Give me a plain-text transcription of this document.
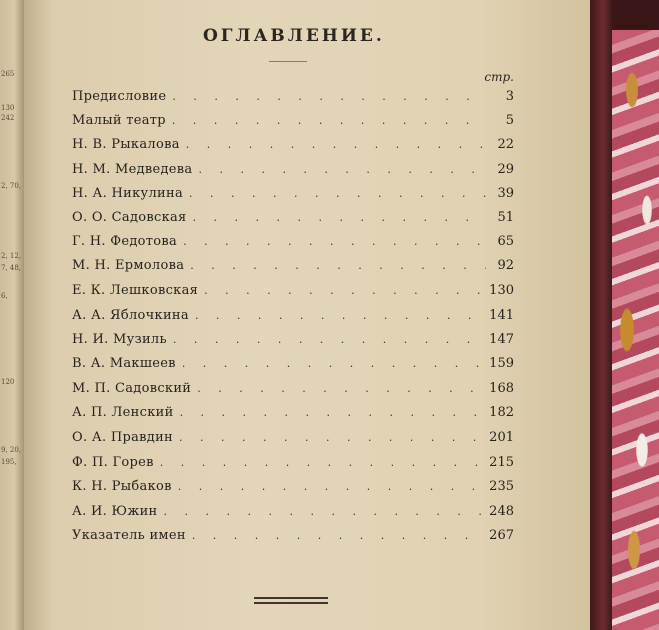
265
130
242
2, 70,
2, 12,
7, 48,
6,
120
9, 20,
195,
ОГЛАВЛЕНИЕ.
стр.
Предисловие . . .	3
Малый театр . . .	5
Н. В. Рыкалова . . .	22
Н. М. Медведева . . .	29
Н. А. Никулина . . .	39
О. О. Садовская . . .	51
Г. Н. Федотова . . .	65
М. Н. Ермолова . . .	92
Е. К. Лешковская . . .	130
А. А. Яблочкина . . .	141
Н. И. Музиль . . .	147
В. А. Макшеев . . .	159
М. П. Садовский . . .	168
А. П. Ленский . . .	182
О. А. Правдин . . .	201
Ф. П. Горев . . .	215
К. Н. Рыбаков . . .	235
А. И. Южин . . .	248
Указатель имен . . .	267
